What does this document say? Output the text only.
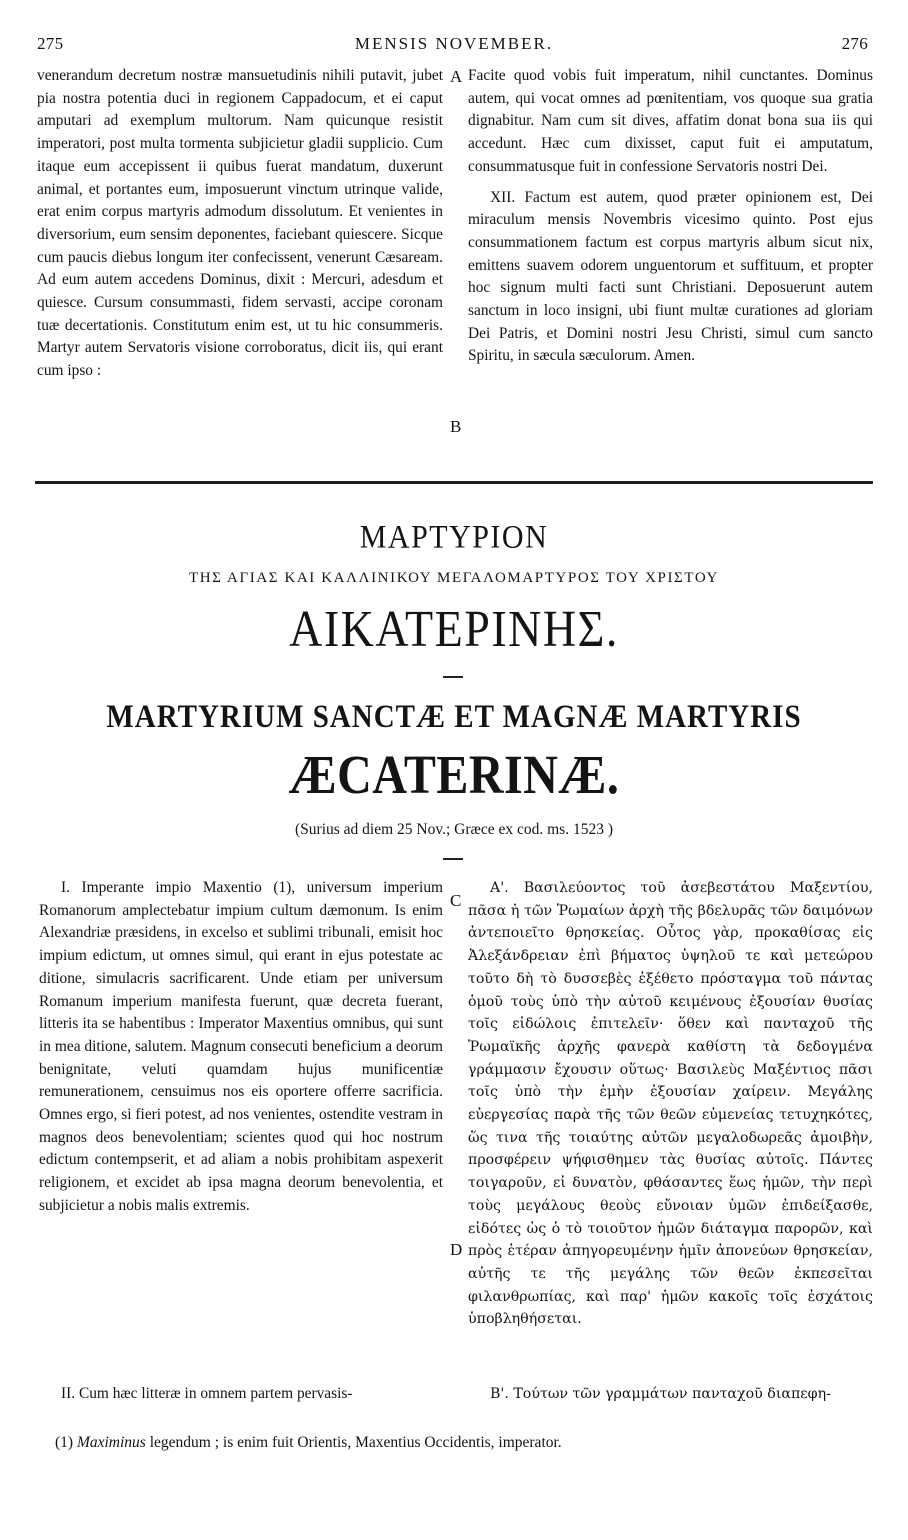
275	MENSIS NOVEMBER.	276

venerandum decretum nostræ mansuetudinis nihili putavit, jubet pia nostra potentia duci in regionem Cappadocum, et ei caput amputari ad exemplum multorum. Nam quicunque resistit imperatori, post multa tormenta subjicietur gladii supplicio. Cum itaque eum accepissent ii quibus fuerat mandatum, duxerunt animal, et portantes eum, imposuerunt vinctum utrinque valide, erat enim corpus martyris admodum dissolutum. Et venientes in diversorium, eum sensim deponentes, faciebant quiescere. Sicque cum paucis diebus longum iter confecissent, venerunt Cæsaream. Ad eum autem accedens Dominus, dixit : Mercuri, adesdum et quiesce. Cursum consummasti, fidem servasti, accipe coronam tuæ decertationis. Constitutum enim est, ut tu hic consummeris. Martyr autem Servatoris visione corroboratus, dicit iis, qui erant cum ipso :

A
B

Facite quod vobis fuit imperatum, nihil cunctantes. Dominus autem, qui vocat omnes ad pœnitentiam, vos quoque sua gratia dignabitur. Nam cum sit dives, affatim donat bona sua iis qui accedunt. Hæc cum dixisset, caput fuit ei amputatum, consummatusque fuit in confessione Servatoris nostri Dei.

XII. Factum est autem, quod præter opinionem est, Dei miraculum mensis Novembris vicesimo quinto. Post ejus consummationem factum est corpus martyris album sicut nix, emittens suavem odorem unguentorum et suffituum, et propter hoc signum multi facti sunt Christiani. Deposuerunt autem sanctum in loco insigni, ubi fiunt multæ curationes ad gloriam Dei Patris, et Domini nostri Jesu Christi, simul cum sancto Spiritu, in sæcula sæculorum. Amen.

ΜΑΡΤΥΡΙΟΝ
ΤΗΣ ΑΓΙΑΣ ΚΑΙ ΚΑΛΛΙΝΙΚΟΥ ΜΕΓΑΛΟΜΑΡΤΥΡΟΣ ΤΟΥ ΧΡΙΣΤΟΥ
ΑΙΚΑΤΕΡΙΝΗΣ.
MARTYRIUM SANCTÆ ET MAGNÆ MARTYRIS
ÆCATERINÆ.
(Surius ad diem 25 Nov.; Græce ex cod. ms. 1523 )

I. Imperante impio Maxentio (1), universum imperium Romanorum amplectebatur impium cultum dæmonum. Is enim Alexandriæ præsidens, in excelso et sublimi tribunali, emisit hoc impium edictum, ut omnes simul, qui erant in ejus potestate ac ditione, simulacris sacrificarent. Unde etiam per universum Romanum imperium manifesta fuerunt, quæ decreta fuerant, litteris ita se habentibus : Imperator Maxentius omnibus, qui sunt in mea ditione, salutem. Magnum consecuti beneficium a deorum benignitate, veluti quamdam hujus munificentiæ remunerationem, censuimus nos eis oportere offerre sacrificia. Omnes ergo, si fieri potest, ad nos venientes, ostendite vestram in magnos deos benevolentiam; scientes quod qui hoc nostrum edictum contempserit, et ad aliam a nobis prohibitam aspexerit religionem, et excidet ab ipsa magna deorum benevolentia, et subjicietur a nobis malis extremis.

C
D

Α'. Βασιλεύοντος τοῦ ἀσεβεστάτου Μαξεντίου, πᾶσα ἡ τῶν Ῥωμαίων ἀρχὴ τῆς βδελυρᾶς τῶν δαιμόνων ἀντεποιεῖτο θρησκείας. Οὗτος γὰρ, προκαθίσας εἰς Ἀλεξάνδρειαν ἐπὶ βήματος ὑψηλοῦ τε καὶ μετεώρου τοῦτο δὴ τὸ δυσσεβὲς ἐξέθετο πρόσταγμα τοῦ πάντας ὁμοῦ τοὺς ὑπὸ τὴν αὐτοῦ κειμένους ἐξουσίαν θυσίας τοῖς εἰδώλοις ἐπιτελεῖν· ὅθεν καὶ πανταχοῦ τῆς Ῥωμαϊκῆς ἀρχῆς φανερὰ καθίστη τὰ δεδογμένα γράμμασιν ἔχουσιν οὕτως· Βασιλεὺς Μαξέντιος πᾶσι τοῖς ὑπὸ τὴν ἐμὴν ἐξουσίαν χαίρειν. Μεγάλης εὐεργεσίας παρὰ τῆς τῶν θεῶν εὐμενείας τετυχηκότες, ὥς τινα τῆς τοιαύτης αὐτῶν μεγαλοδωρεᾶς ἀμοιβὴν, προσφέρειν ψήφισθημεν τὰς θυσίας αὐτοῖς. Πάντες τοιγαροῦν, εἰ δυνατὸν, φθάσαντες ἕως ἡμῶν, τὴν περὶ τοὺς μεγάλους θεοὺς εὔνοιαν ὑμῶν ἐπιδείξασθε, εἰδότες ὡς ὁ τὸ τοιοῦτον ἡμῶν διάταγμα παρορῶν, καὶ πρὸς ἑτέραν ἀπηγορευμένην ἡμῖν ἀπονεύων θρησκείαν, αὐτῆς τε τῆς μεγάλης τῶν θεῶν ἐκπεσεῖται φιλανθρωπίας, καὶ παρ' ἡμῶν κακοῖς τοῖς ἐσχάτοις ὑποβληθήσεται.

II. Cum hæc litteræ in omnem partem pervasis-	Β'. Τούτων τῶν γραμμάτων πανταχοῦ διαπεφη-

(1) Maximinus legendum ; is enim fuit Orientis, Maxentius Occidentis, imperator.
